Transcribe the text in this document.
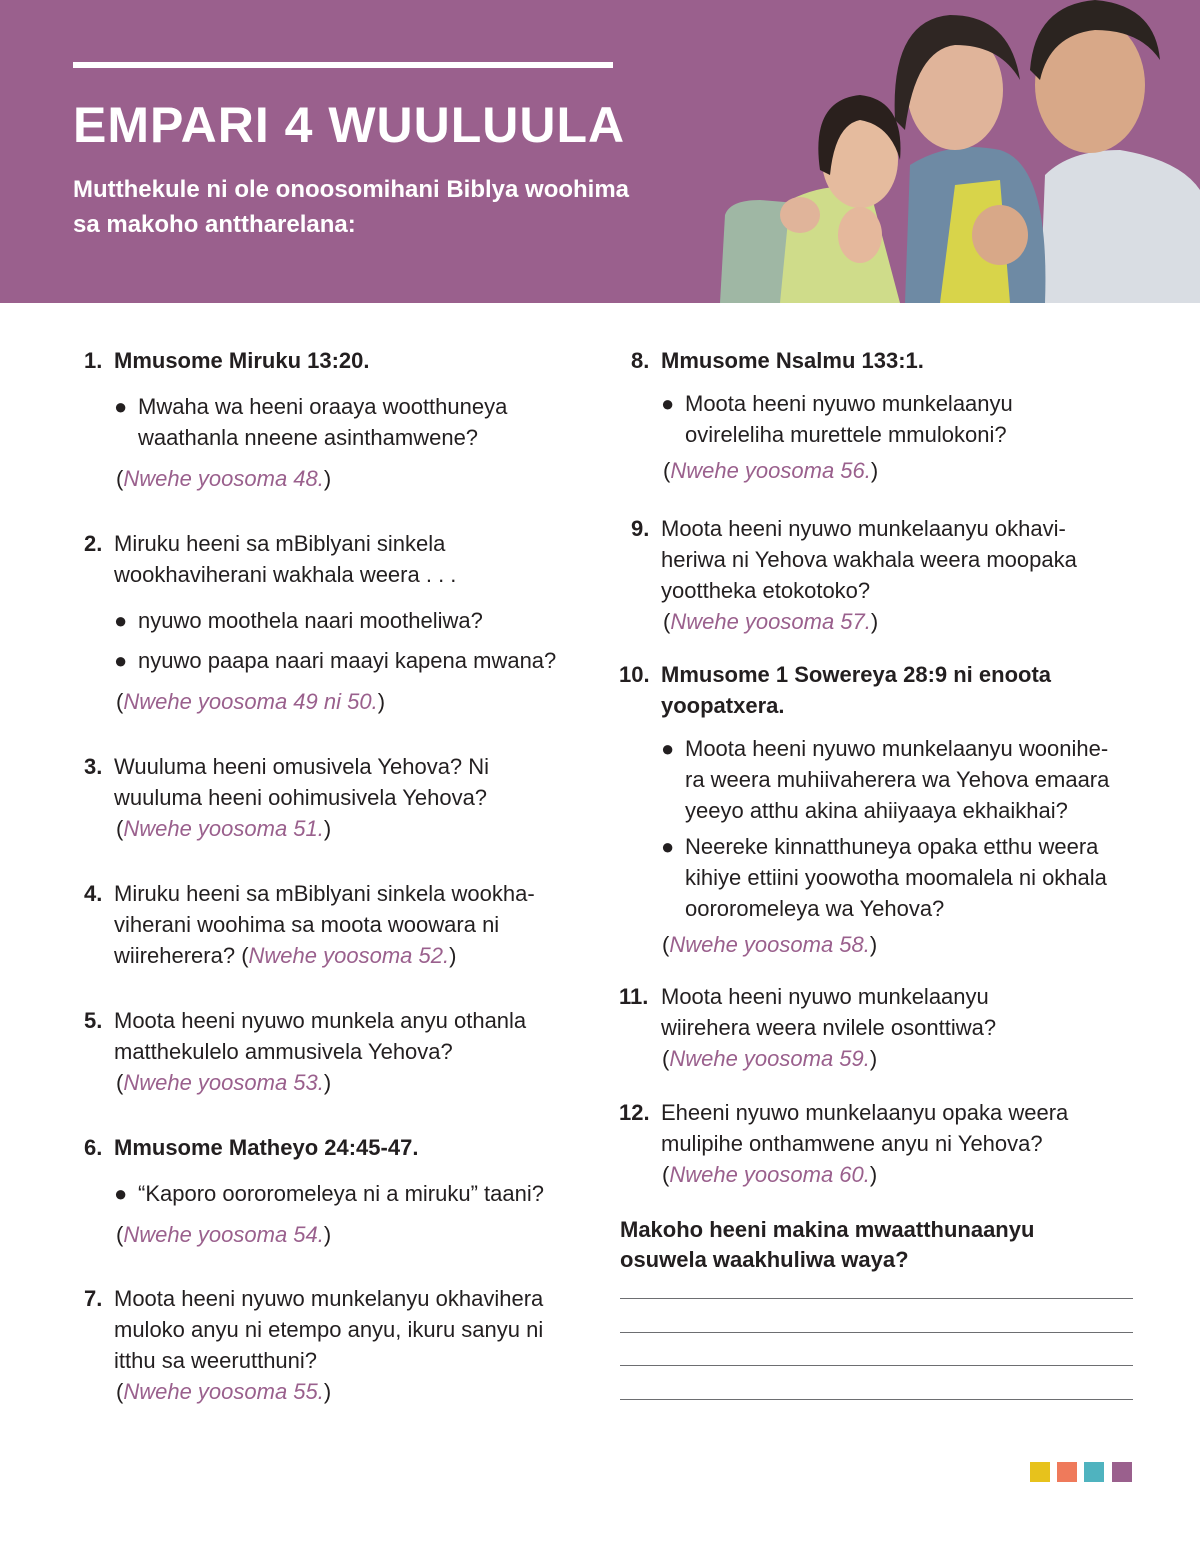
EMPARI 4 WUULUULA
Mutthekule ni ole onoosomihani Biblya woohima sa makoho anttharelana:
1. Mmusome Miruku 13:20.
● Mwaha wa heeni oraaya wootthuneya waathanla nneene asinthamwene?
(Nwehe yoosoma 48.)
2. Miruku heeni sa mBiblyani sinkela wookhaviherani wakhala weera . . .
● nyuwo moothela naari mootheliwa?
● nyuwo paapa naari maayi kapena mwana?
(Nwehe yoosoma 49 ni 50.)
3. Wuuluma heeni omusivela Yehova? Ni wuuluma heeni oohimusivela Yehova?
(Nwehe yoosoma 51.)
4. Miruku heeni sa mBiblyani sinkela wookha-viherani woohima sa moota woowara ni wiireherera? (Nwehe yoosoma 52.)
5. Moota heeni nyuwo munkela anyu othanla matthekulelo ammusivela Yehova?
(Nwehe yoosoma 53.)
6. Mmusome Matheyo 24:45-47.
● “Kaporo oororomeleya ni a miruku” taani?
(Nwehe yoosoma 54.)
7. Moota heeni nyuwo munkelanyu okhavihera muloko anyu ni etempo anyu, ikuru sanyu ni itthu sa weerutthuni?
(Nwehe yoosoma 55.)
8. Mmusome Nsalmu 133:1.
● Moota heeni nyuwo munkelaanyu ovireleliha murettele mmulokoni?
(Nwehe yoosoma 56.)
9. Moota heeni nyuwo munkelaanyu okhavi-heriwa ni Yehova wakhala weera moopaka yoottheka etokotoko?
(Nwehe yoosoma 57.)
10. Mmusome 1 Sowereya 28:9 ni enoota yoopatxera.
● Moota heeni nyuwo munkelaanyu woonihe-ra weera muhiivaherera wa Yehova emaara yeeyo atthu akina ahiiyaaya ekhaikhai?
● Neereke kinnatthuneya opaka etthu weera kihiye ettiini yoowotha moomalela ni okhala oororomeleya wa Yehova?
(Nwehe yoosoma 58.)
11. Moota heeni nyuwo munkelaanyu wiirehera weera nvilele osonttiwa?
(Nwehe yoosoma 59.)
12. Eheeni nyuwo munkelaanyu opaka weera mulipihe onthamwene anyu ni Yehova?
(Nwehe yoosoma 60.)
Makoho heeni makina mwaatthunaanyu osuwela waakhuliwa waya?
